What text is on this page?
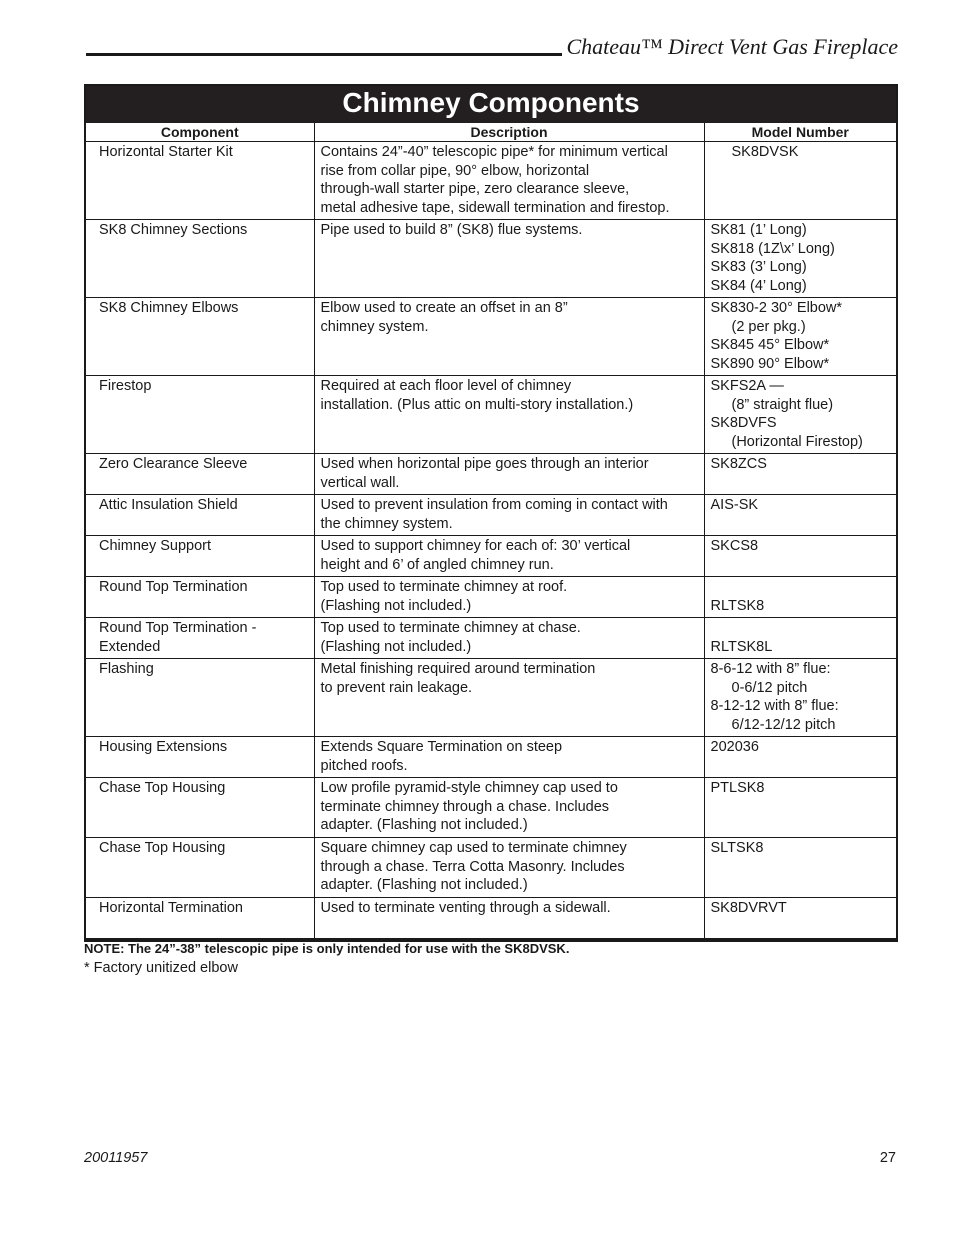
Chateau™ Direct Vent Gas Fireplace
Chimney Components
Component	Description	Model Number

Horizontal Starter Kit	Contains 24”-40” telescopic pipe* for minimum vertical
rise from collar pipe, 90° elbow, horizontal
through-wall starter pipe, zero clearance sleeve,
metal adhesive tape, sidewall termination and firestop.	SK8DVSK

SK8 Chimney Sections	Pipe used to build 8” (SK8) flue systems.	SK81 (1’ Long)
SK818 (1Z\x’ Long)
SK83 (3’ Long)
SK84 (4’ Long)

SK8 Chimney Elbows	Elbow used to create an offset in an 8”
chimney system.	SK830-2 30° Elbow*
(2 per pkg.)
SK845 45° Elbow*
SK890 90° Elbow*

Firestop	Required at each floor level of chimney
installation. (Plus attic on multi-story installation.)	SKFS2A —
(8” straight flue)
SK8DVFS
(Horizontal Firestop)

Zero Clearance Sleeve	Used when horizontal pipe goes through an interior
vertical wall.	SK8ZCS

Attic Insulation Shield	Used to prevent insulation from coming in contact with
the chimney system.	AIS-SK

Chimney Support	Used to support chimney for each of: 30’ vertical
height and 6’ of angled chimney run.	SKCS8

Round Top Termination	Top used to terminate chimney at roof.
(Flashing not included.)	RLTSK8

Round Top Termination -
Extended	Top used to terminate chimney at chase.
(Flashing not included.)	RLTSK8L

Flashing	Metal finishing required around termination
to prevent rain leakage.	8-6-12 with 8” flue:
0-6/12 pitch
8-12-12 with 8” flue:
6/12-12/12 pitch

Housing Extensions	Extends Square Termination on steep
pitched roofs.	202036

Chase Top Housing	Low profile pyramid-style chimney cap used to
terminate chimney through a chase. Includes
adapter. (Flashing not included.)	PTLSK8

Chase Top Housing	Square chimney cap used to terminate chimney
through a chase. Terra Cotta Masonry. Includes
adapter. (Flashing not included.)	SLTSK8

Horizontal Termination	Used to terminate venting through a sidewall.	SK8DVRVT
NOTE: The 24”-38” telescopic pipe is only intended for use with the SK8DVSK.
* Factory unitized elbow
20011957	27
